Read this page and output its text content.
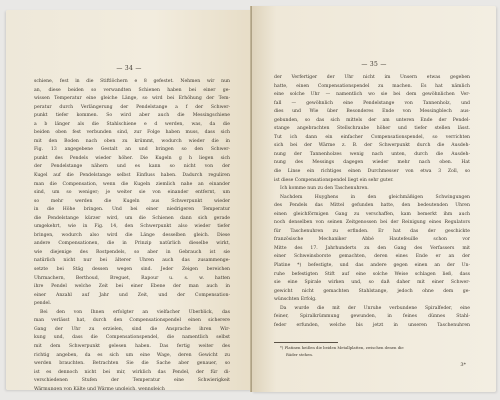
— 34 —
schiene, fest in die Stiftlöchern e 8 gefestet. Nehmen wir nun
an, diese beiden so verwandten Schienen haben bei einer ge-
wissen Temperatur eine gleiche Länge, so wird bei Erhöhung der Tem-
peratur durch Verlängerung der Pendelstange a f der Schwer-
punkt tiefer kommen. So wird aber auch die Messingschiene
a b länger als die Stahlschiene e d werden, was, da die
beiden oben fest verbunden sind, zur Folge haben muss, dass sich
mit den Boden nach oben zu krümmt, wodurch wieder die in
Fig. 13 angegebene Gestalt an und bringen so den Schwer-
punkt des Pendels wieder höher. Die Kugeln g h liegen sich
der Pendelstange nähern und es kann so nicht von der
Kugel auf die Pendelstange selbst Einfluss haben. Dadurch reguliren
man die Compensation, wenn die Kugeln ziemlich nahe an einander
sind, um so weniger; je weiter sie von einander entfernt, um
so mehr werden die Kugeln aus Schwerpunkt wieder
in die Höhe bringen. Und bei einer niedrigeren Temperatur
die Pendelstange kürzer wird, um die Schienen dann sich gerade
umgekehrt, wie in Fig. 14, den Schwerpunkt also wieder tiefer
bringen, wodurch also wird die Länge desselben gleich. Diese
andere Compensationen, die in Prinzip natürlich dieselbe wirkt,
wie diejenige des Rostpendels, so aber in Gebrauch ist sie
natürlich nicht nur bei älterer Uhren auch das zusammenge-
setzte bei Stäg dessen wegen sind. Jeder Zeigen bereichen
Uhrmachern, Berthoud, Breguet, Rapour u. s. w. hatten
ihre Pendel welche Zeit bei einer Ebene der man auch in
einer Anzahl auf Jahr und Zeit, und der Compensation-
pendel.
Bei den von Ihnen erfolgter an vielfacher Überblick, das
man verlässt hat, durch den Compensationspendel einen sicherere
Gang der Uhr zu erzielen, sind die Ansprache ihren Wir-
kung und, dass die Compensationspendel, die namentlich selbst
mit dem Schwerpunkt gelesen haben. Das fertig weiter des
richtig angeben, da es sich um eine Wage, deren Gewicht zu
werden brauchten. Betrachten Sie die Sache aber genauer, so
ist es dennoch nicht bei mir, wirklich das Pendel, der für di-
verschiedenen Stufen der Temperatur eine Schwierigkeit
Wärmungen von Kälte und Wärme ungleich, wenngleich
— 35 —
der Verfertiger der Uhr nicht im Unsern etwas gegeben
hatte, einen Compensationspendel zu machen. Es hat nämlich
eine solche Uhr — namentlich wo sie bei dem gewöhnlichen Ver-
fall — gewöhnlich eine Pendelstange von Tannenholz, und
dies und Wie über Besonderes Ende von Messingblech aus-
gebunden, so das sich mittels der am unteren Ende der Pendel-
stange angebrachten Stellschraube höher und tiefer stellen lässt.
Tut ich dann ein einfacher Compensationspendel, so verrichten
sich bei der Wärme z. B. der Schwerpunkt durch die Ausdeh-
nung der Tannenholzes wenig nach unten, durch die Ausdeh-
nung des Messings dagegen wieder mehr nach oben. Hat
die Linse ein richtiges einen Durchmesser von etwa 3 Zoll, so
ist diese Compensationspendel liegt ein sehr guter.
Ich komme nun zu den Taschenuhren.
Nachdem Huyghens in den gleichmäßigen Schwingungen
des Pendels das Mittel gefunden hatte, den bedeutenden Uhren
einen gleichförmigen Gang zu verschaffen, kam bemerkt ihm auch
noch denselben von seinen Zeitgenossen bei der Reinigung eines Regulators
für Taschenuhren zu erfinden. Er hat das der geschickte
französische Mechaniker Abbé Hautefeuille schon vor
Mitte des 17. Jahrhunderts zu den Gang des Verfassers mit
einer Schweinsborste gemachten, deren eines Ende er an der
Platine *) befestigte, und das andere gegen einen an der Un-
ruhe befestigten Stift auf eine solche Weise schlagen ließ, dass
sie eine Spirale wirken und, so daß daher mit einer Schwer-
gewicht nicht gemachten Stahlstange, jedoch ohne dem ge-
wünschten Erfolg.
Da wurde die mit der Unruhe verbundene Spiralfeder, eine
feiner, Spiralkrümmung gewunden, in feines dünnes Stahl-
feder erfunden, welche bis jetzt in unseren Taschenuhren
*) Platinen heißen die beiden Metallplatten, zwischen denen die
Räder stehen.
3*
